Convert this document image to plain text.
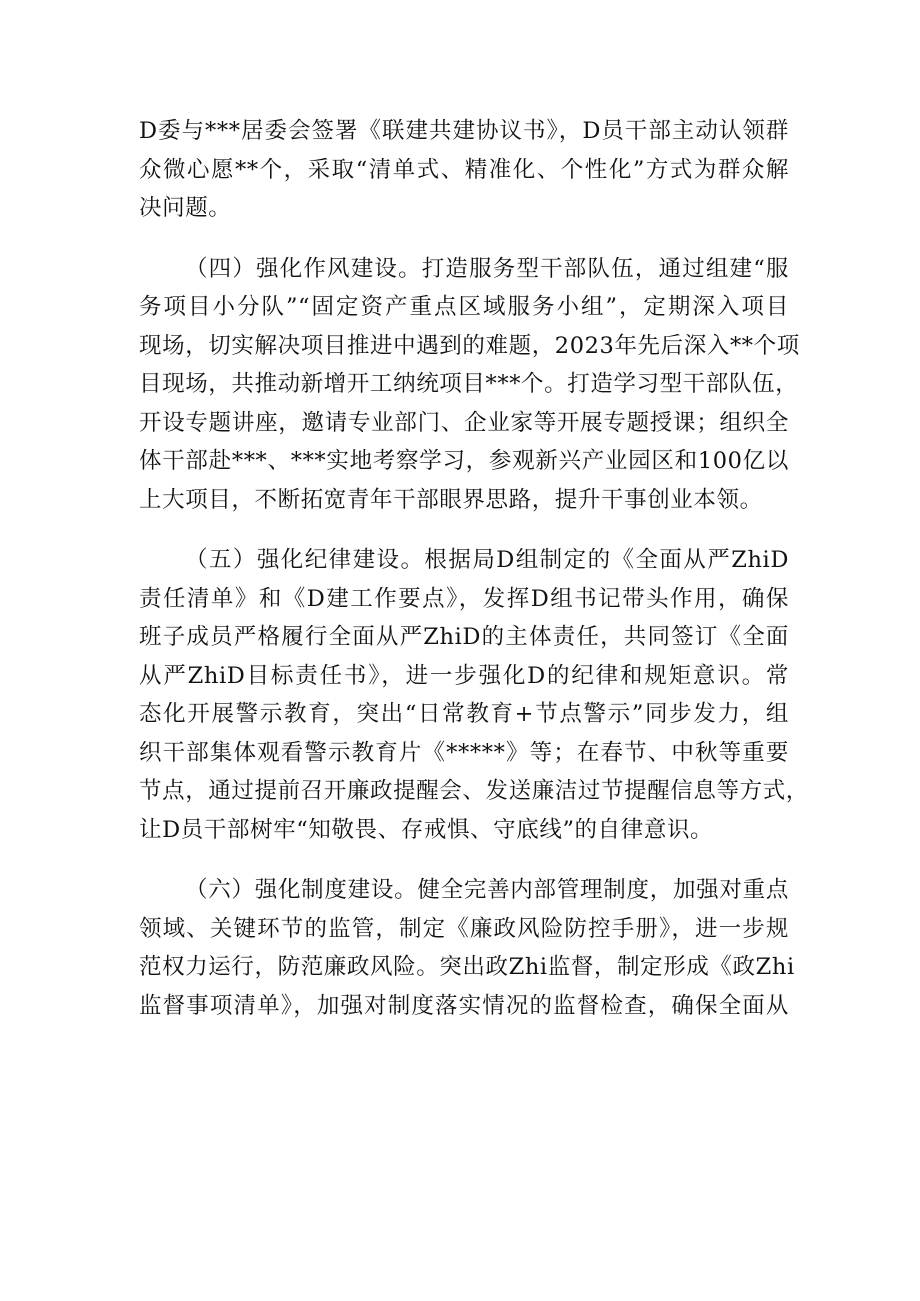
D委与***居委会签署《联建共建协议书》，D员干部主动认领群
众微心愿**个，采取“清单式、精准化、个性化”方式为群众解
决问题。

（四）强化作风建设。打造服务型干部队伍，通过组建“服
务项目小分队”“固定资产重点区域服务小组”，定期深入项目
现场，切实解决项目推进中遇到的难题，2023年先后深入**个项
目现场，共推动新增开工纳统项目***个。打造学习型干部队伍，
开设专题讲座，邀请专业部门、企业家等开展专题授课；组织全
体干部赴***、***实地考察学习，参观新兴产业园区和100亿以
上大项目，不断拓宽青年干部眼界思路，提升干事创业本领。

（五）强化纪律建设。根据局D组制定的《全面从严ZhiD
责任清单》和《D建工作要点》，发挥D组书记带头作用，确保
班子成员严格履行全面从严ZhiD的主体责任，共同签订《全面
从严ZhiD目标责任书》，进一步强化D的纪律和规矩意识。常
态化开展警示教育，突出“日常教育+节点警示”同步发力，组
织干部集体观看警示教育片《*****》等；在春节、中秋等重要
节点，通过提前召开廉政提醒会、发送廉洁过节提醒信息等方式，
让D员干部树牢“知敬畏、存戒惧、守底线”的自律意识。

（六）强化制度建设。健全完善内部管理制度，加强对重点
领域、关键环节的监管，制定《廉政风险防控手册》，进一步规
范权力运行，防范廉政风险。突出政Zhi监督，制定形成《政Zhi
监督事项清单》，加强对制度落实情况的监督检查，确保全面从
